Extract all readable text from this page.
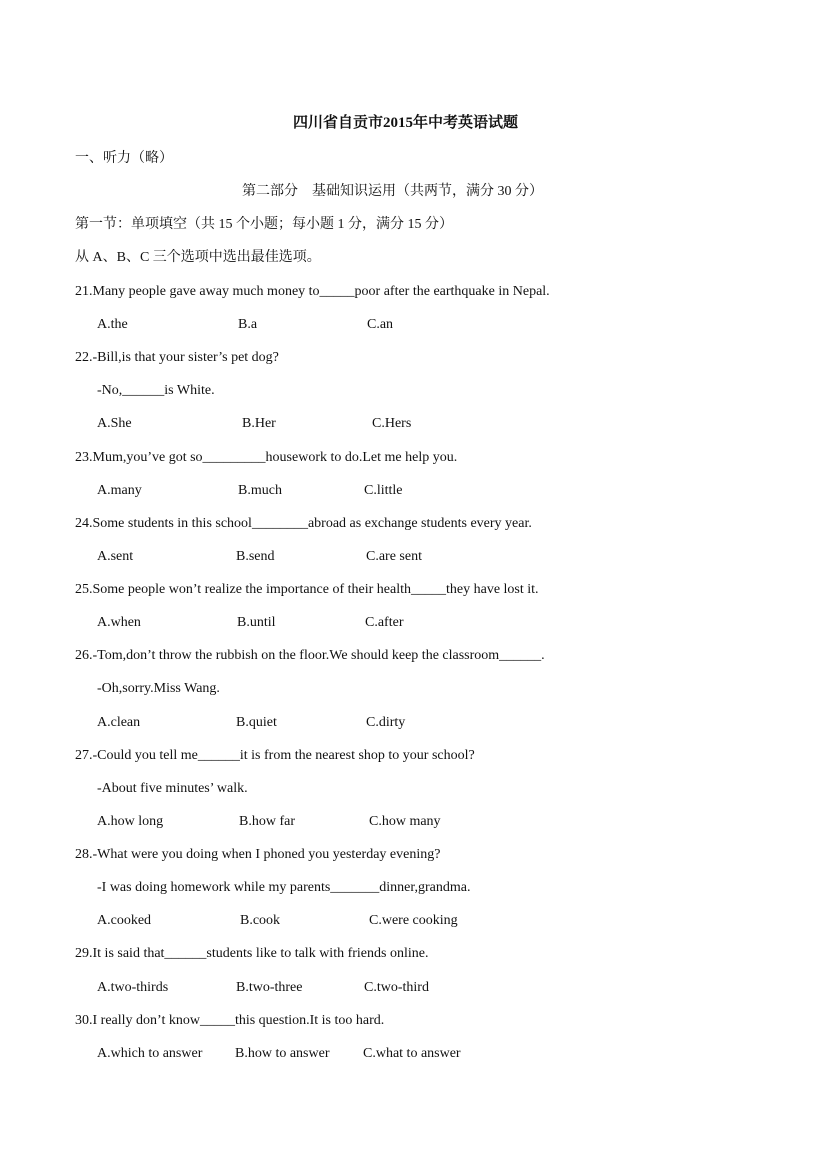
四川省自贡市2015年中考英语试题
一、听力（略）
第二部分　基础知识运用（共两节，满分 30 分）
第一节：单项填空（共 15 个小题；每小题 1 分，满分 15 分）
从 A、B、C 三个选项中选出最佳选项。
21.Many people gave away much money to_____poor after the earthquake in Nepal.
A.the	B.a	C.an
22.-Bill,is that your sister’s pet dog?
-No,______is White.
A.She	B.Her	C.Hers
23.Mum,you’ve got so_________housework to do.Let me help you.
A.many	B.much	C.little
24.Some students in this school________abroad as exchange students every year.
A.sent	B.send	C.are sent
25.Some people won’t realize the importance of their health_____they have lost it.
A.when	B.until	C.after
26.-Tom,don’t throw the rubbish on the floor.We should keep the classroom______.
-Oh,sorry.Miss Wang.
A.clean	B.quiet	C.dirty
27.-Could you tell me______it is from the nearest shop to your school?
-About five minutes’ walk.
A.how long	B.how far	C.how many
28.-What were you doing when I phoned you yesterday evening?
-I was doing homework while my parents_______dinner,grandma.
A.cooked	B.cook	C.were cooking
29.It is said that______students like to talk with friends online.
A.two-thirds	B.two-three	C.two-third
30.I really don’t know_____this question.It is too hard.
A.which to answer B.how to answer C.what to answer
